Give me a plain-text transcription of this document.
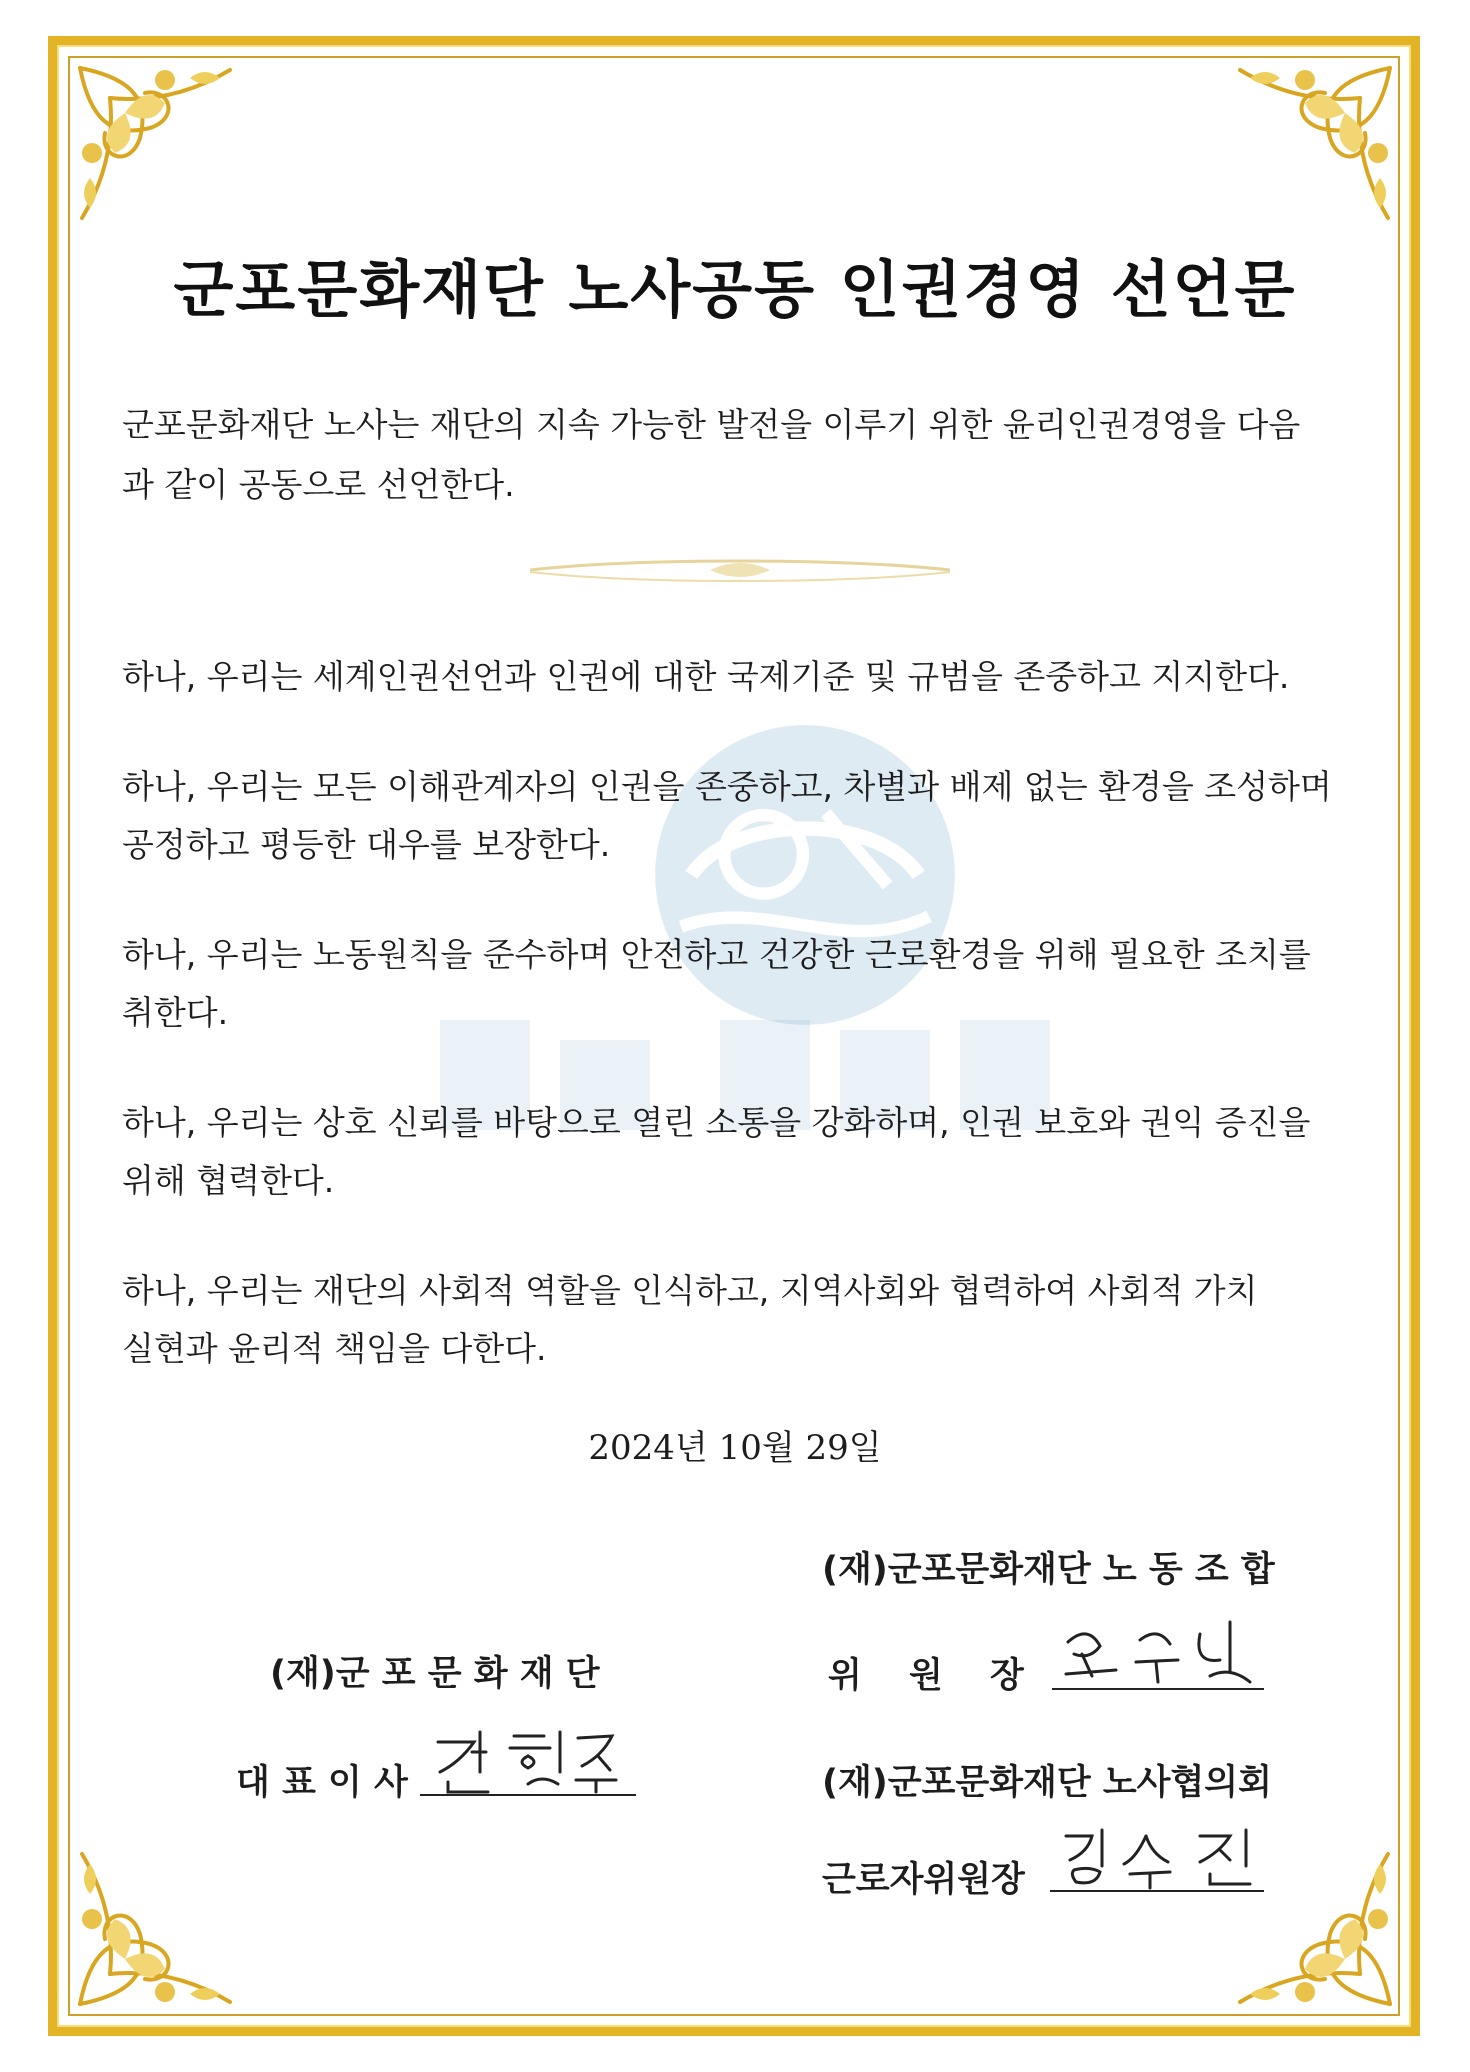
군포문화재단 노사공동 인권경영 선언문
군포문화재단 노사는 재단의 지속 가능한 발전을 이루기 위한 윤리인권경영을 다음과 같이 공동으로 선언한다.

하나, 우리는 세계인권선언과 인권에 대한 국제기준 및 규범을 존중하고 지지한다.

하나, 우리는 모든 이해관계자의 인권을 존중하고, 차별과 배제 없는 환경을 조성하며 공정하고 평등한 대우를 보장한다.

하나, 우리는 노동원칙을 준수하며 안전하고 건강한 근로환경을 위해 필요한 조치를 취한다.

하나, 우리는 상호 신뢰를 바탕으로 열린 소통을 강화하며, 인권 보호와 권익 증진을 위해 협력한다.

하나, 우리는 재단의 사회적 역할을 인식하고, 지역사회와 협력하여 사회적 가치 실현과 윤리적 책임을 다한다.

2024년 10월 29일
(재)군포문화재단 노 동 조 합
위　 원　 장
(재)군 포 문 화 재 단
대 표 이 사	(재)군포문화재단 노사협의회
근로자위원장
